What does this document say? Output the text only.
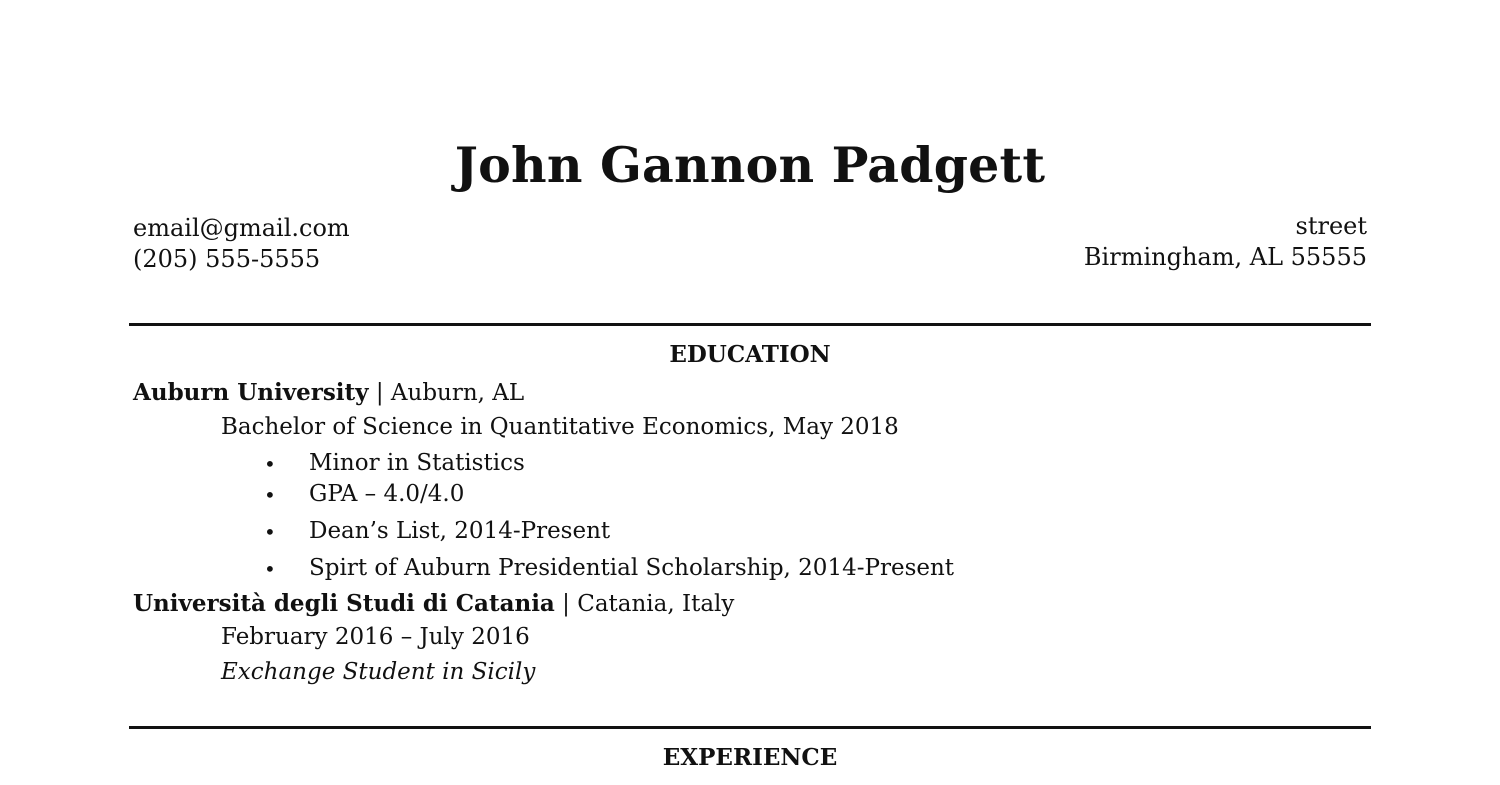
John Gannon Padgett
email@gmail.com
(205) 555-5555
street
Birmingham, AL 55555
EDUCATION
Auburn University | Auburn, AL
Bachelor of Science in Quantitative Economics, May 2018
• Minor in Statistics
• GPA – 4.0/4.0
• Dean’s List, 2014-Present
• Spirt of Auburn Presidential Scholarship, 2014-Present
Università degli Studi di Catania | Catania, Italy
February 2016 – July 2016
Exchange Student in Sicily
EXPERIENCE
